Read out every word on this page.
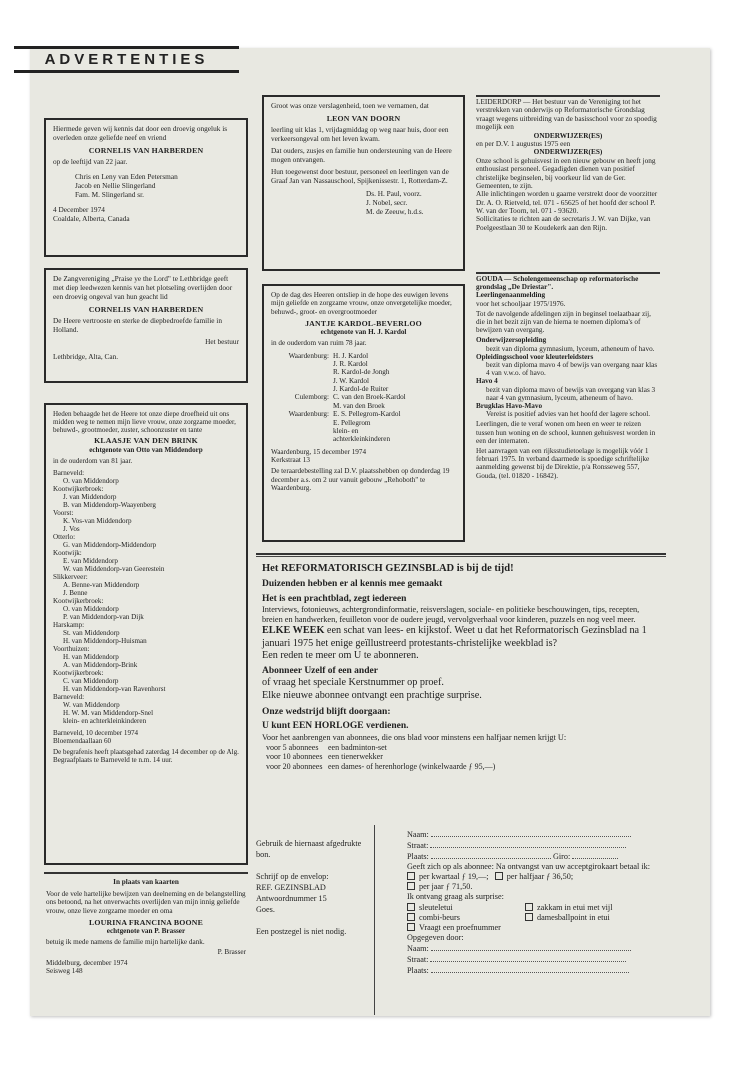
ADVERTENTIES

Hiermede geven wij kennis dat door een droevig ongeluk is overleden onze geliefde neef en vriend

CORNELIS VAN HARBERDEN

op de leeftijd van 22 jaar.

Chris en Leny van Eden Petersman
Jacob en Nellie Slingerland
Fam. M. Slingerland sr.
4 December 1974
Coaldale, Alberta, Canada

De Zangvereniging „Praise ye the Lord" te Lethbridge geeft met diep leedwezen kennis van het plotseling overlijden door een droevig ongeval van hun geacht lid

CORNELIS VAN HARBERDEN

De Heere vertrooste en sterke de diepbedroefde familie in Holland.

Het bestuur

Lethbridge, Alta, Can.

Heden behaagde het de Heere tot onze diepe droefheid uit ons midden weg te nemen mijn lieve vrouw, onze zorgzame moeder, behuwd-, grootmoeder, zuster, schoonzuster en tante

KLAASJE VAN DEN BRINK

echtgenote van Otto van Middendorp

in de ouderdom van 81 jaar.

Barneveld:
O. van Middendorp
Kootwijkerbroek:
J. van Middendorp
B. van Middendorp-Waayenberg
Voorst:
K. Vos-van Middendorp
J. Vos
Otterlo:
G. van Middendorp-Middendorp
Kootwijk:
E. van Middendorp
W. van Middendorp-van Geerestein
Slikkerveer:
A. Benne-van Middendorp
J. Benne
Kootwijkerbroek:
O. van Middendorp
P. van Middendorp-van Dijk
Harskamp:
St. van Middendorp
H. van Middendorp-Huisman
Voorthuizen:
H. van Middendorp
A. van Middendorp-Brink
Kootwijkerbroek:
C. van Middendorp
H. van Middendorp-van Ravenhorst
Barneveld:
W. van Middendorp
H. W. M. van Middendorp-Snel
klein- en achterkleinkinderen
Barneveld, 10 december 1974
Bloemendaallaan 60

De begrafenis heeft plaatsgehad zaterdag 14 december op de Alg. Begraafplaats te Barneveld te n.m. 14 uur.

In plaats van kaarten

Voor de vele hartelijke bewijzen van deelneming en de belangstelling ons betoond, na het onverwachts overlijden van mijn innig geliefde vrouw, onze lieve zorgzame moeder en oma

LOURINA FRANCINA BOONE

echtgenote van P. Brasser

betuig ik mede namens de familie mijn hartelijke dank.

P. Brasser

Middelburg, december 1974
Seisweg 148

Groot was onze verslagenheid, toen we vernamen, dat

LEON VAN DOORN

leerling uit klas 1, vrijdagmiddag op weg naar huis, door een verkeersongeval om het leven kwam.

Dat ouders, zusjes en familie hun ondersteuning van de Heere mogen ontvangen.

Hun toegewenst door bestuur, personeel en leerlingen van de Graaf Jan van Nassauschool, Spijkenissestr. 1, Rotterdam-Z.

Ds. H. Paul, voorz.
J. Nobel, secr.
M. de Zeeuw, h.d.s.

Op de dag des Heeren ontsliep in de hope des euwigen levens mijn geliefde en zorgzame vrouw, onze onvergetelijke moeder, behuwd-, groot- en overgrootmoeder

JANTJE KARDOL-BEVERLOO

echtgenote van H. J. Kardol

in de ouderdom van ruim 78 jaar.

Waardenburg: H. J. Kardol
J. R. Kardol
R. Kardol-de Jongh
J. W. Kardol
J. Kardol-de Ruiter
Culemborg: C. van den Broek-Kardol
M. van den Broek
Waardenburg: E. S. Pellegrom-Kardol
E. Pellegrom
klein- en
achterkleinkinderen
Waardenburg, 15 december 1974
Kerkstraat 13

De teraardebestelling zal D.V. plaatsshebben op donderdag 19 december a.s. om 2 uur vanuit gebouw „Rehoboth" te Waardenburg.

LEIDERDORP — Het bestuur van de Vereniging tot het verstrekken van onderwijs op Reformatorische Grondslag vraagt wegens uitbreiding van de basisschool voor zo spoedig mogelijk een

ONDERWIJZER(ES)

en per D.V. 1 augustus 1975 een

ONDERWIJZER(ES)

Onze school is gehuisvest in een nieuw gebouw en heeft jong enthousiast personeel. Gegadigden dienen van positief christelijke beginselen, bij voorkeur lid van de Ger. Gemeenten, te zijn.

Alle inlichtingen worden u gaarne verstrekt door de voorzitter Dr. A. O. Rietveld, tel. 071 - 65625 of het hoofd der school P. W. van der Toorn, tel. 071 - 93620.

Sollicitaties te richten aan de secretaris J. W. van Dijke, van Poelgeestlaan 30 te Koudekerk aan den Rijn.

GOUDA — Scholengemeenschap op reformatorische grondslag „De Driestar".

Leerlingenaanmelding

voor het schooljaar 1975/1976.

Tot de navolgende afdelingen zijn in beginsel toelaatbaar zij, die in het bezit zijn van de hierna te noemen diploma's of bewijzen van overgang.

Onderwijzersopleiding

bezit van diploma gymnasium, lyceum, atheneum of havo.

Opleidingsschool voor kleuterleidsters

bezit van diploma mavo 4 of bewijs van overgang naar klas 4 van v.w.o. of havo.

Havo 4

bezit van diploma mavo of bewijs van overgang van klas 3 naar 4 van gymnasium, lyceum, atheneum of havo.

Brugklas Havo-Mavo

Vereist is positief advies van het hoofd der lagere school.

Leerlingen, die te veraf wonen om heen en weer te reizen tussen hun woning en de school, kunnen gehuisvest worden in een der internaten.

Het aanvragen van een rijksstudietoelage is mogelijk vóór 1 februari 1975. In verband daarmede is spoedige schriftelijke aanmelding gewenst bij de Direktie, p/a Ronsseweg 557, Gouda, (tel. 01820 - 16842).

Het REFORMATORISCH GEZINSBLAD is bij de tijd!

Duizenden hebben er al kennis mee gemaakt

Het is een prachtblad, zegt iedereen

Interviews, fotonieuws, achtergrondinformatie, reisverslagen, sociale- en politieke beschouwingen, tips, recepten, breien en handwerken, feuilleton voor de oudere jeugd, vervolgverhaal voor kinderen, puzzels en nog veel meer.

ELKE WEEK een schat van lees- en kijkstof. Weet u dat het Reformatorisch Gezinsblad na 1 januari 1975 het enige geïllustreerd protestants-christelijke weekblad is?

Een reden te meer om U te abonneren.

Abonneer Uzelf of een ander

of vraag het speciale Kerstnummer op proef.

Elke nieuwe abonnee ontvangt een prachtige surprise.

Onze wedstrijd blijft doorgaan:

U kunt EEN HORLOGE verdienen.

Voor het aanbrengen van abonnees, die ons blad voor minstens een halfjaar nemen krijgt U:

voor 5 abonnees	een badminton-set
voor 10 abonnees een tienerwekker
voor 20 abonnees een dames- of herenhorloge (winkelwaarde ƒ 95,—)

Gebruik de hiernaast afgedrukte bon.

Schrijf op de envelop:

REF. GEZINSBLAD
Antwoordnummer 15
Goes.

Een postzegel is niet nodig.

Naam:

Straat:

Plaats:	Giro:

Geeft zich op als abonnee: Na ontvangst van uw acceptgirokaart betaal ik:

per kwartaal ƒ 19,—; per halfjaar ƒ 36,50;

per jaar ƒ 71,50.

Ik ontvang graag als surprise:

sleuteletui	zakkam in etui met vijl
combi-beurs	damesballpoint in etui

Vraagt een proefnummer

Opgegeven door:

Naam:

Straat:

Plaats:
